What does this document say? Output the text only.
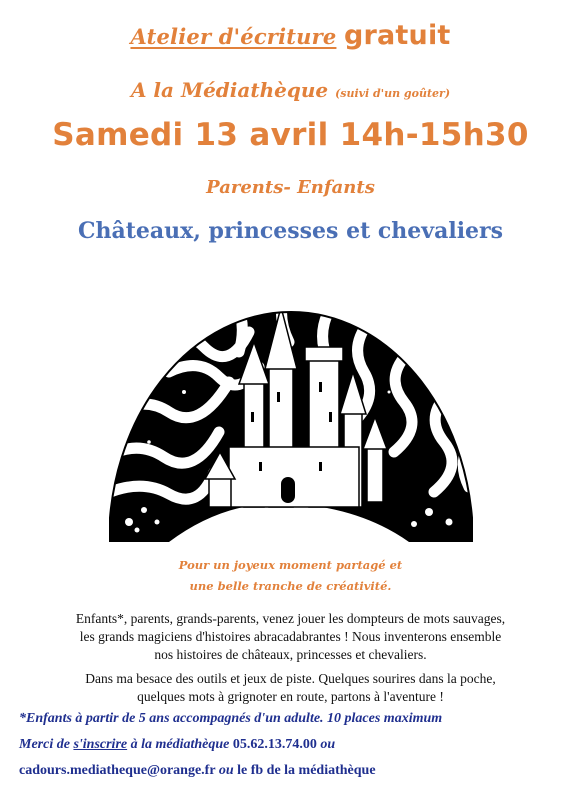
Atelier d'écriture gratuit
A la Médiathèque (suivi d'un goûter)
Samedi 13 avril 14h-15h30
Parents- Enfants
Châteaux, princesses et chevaliers
Pour un joyeux moment partagé et
une belle tranche de créativité.
Enfants*, parents, grands-parents, venez jouer les dompteurs de mots sauvages,
les grands magiciens d'histoires abracadabrantes ! Nous inventerons ensemble
nos histoires de châteaux, princesses et chevaliers.
Dans ma besace des outils et jeux de piste. Quelques sourires dans la poche,
quelques mots à grignoter en route, partons à l'aventure !
*Enfants à partir de 5 ans accompagnés d'un adulte. 10 places maximum
Merci de s'inscrire à la médiathèque 05.62.13.74.00 ou
cadours.mediatheque@orange.fr ou le fb de la médiathèque
